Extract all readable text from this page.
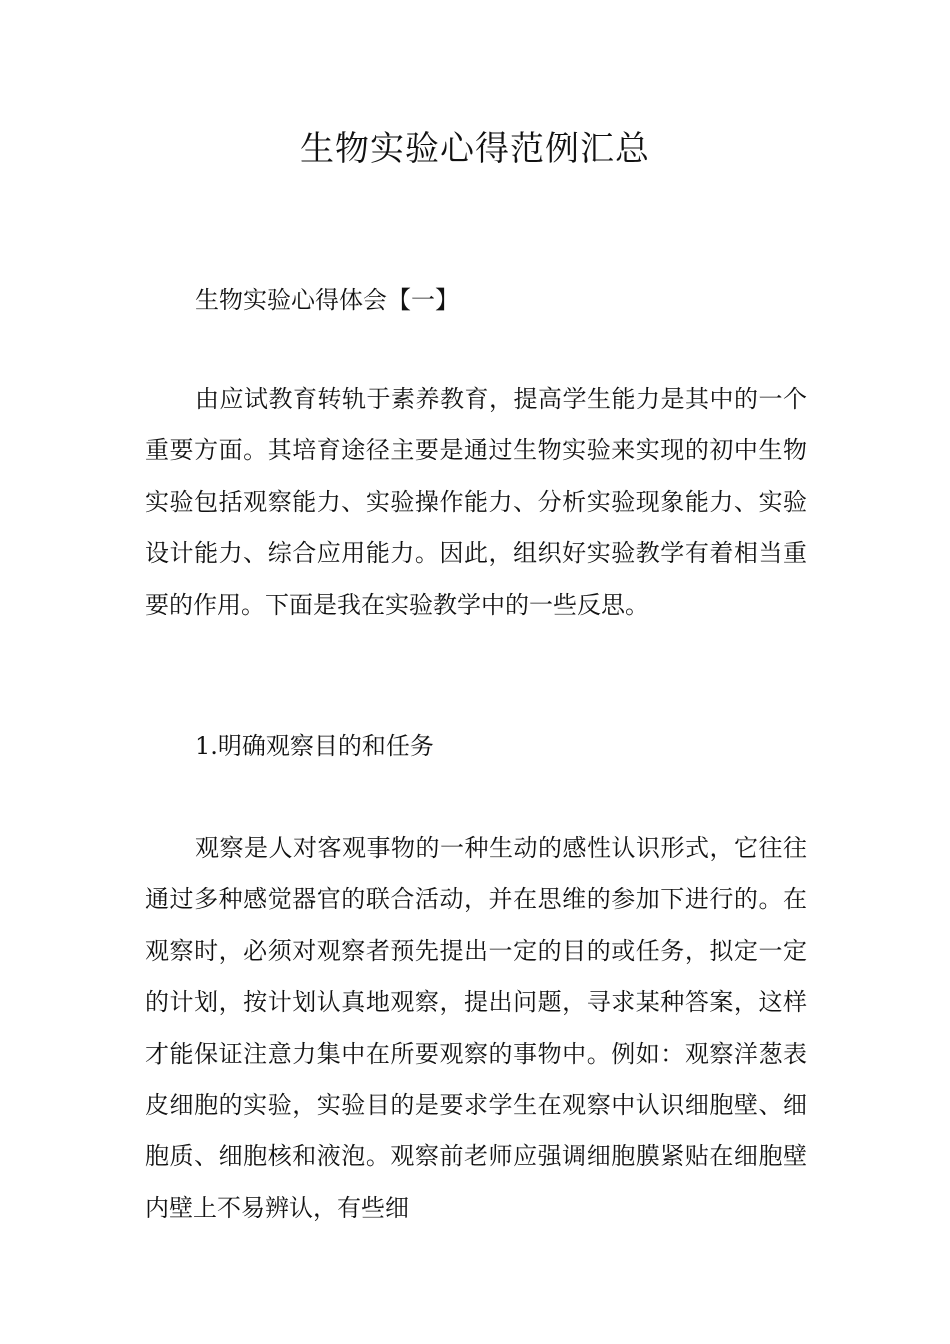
生物实验心得范例汇总
生物实验心得体会【一】

由应试教育转轨于素养教育，提高学生能力是其中的一个重要方面。其培育途径主要是通过生物实验来实现的初中生物实验包括观察能力、实验操作能力、分析实验现象能力、实验设计能力、综合应用能力。因此，组织好实验教学有着相当重要的作用。下面是我在实验教学中的一些反思。

1.明确观察目的和任务

观察是人对客观事物的一种生动的感性认识形式，它往往通过多种感觉器官的联合活动，并在思维的参加下进行的。在观察时，必须对观察者预先提出一定的目的或任务，拟定一定的计划，按计划认真地观察，提出问题，寻求某种答案，这样才能保证注意力集中在所要观察的事物中。例如：观察洋葱表皮细胞的实验，实验目的是要求学生在观察中认识细胞壁、细胞质、细胞核和液泡。观察前老师应强调细胞膜紧贴在细胞壁内壁上不易辨认，有些细
